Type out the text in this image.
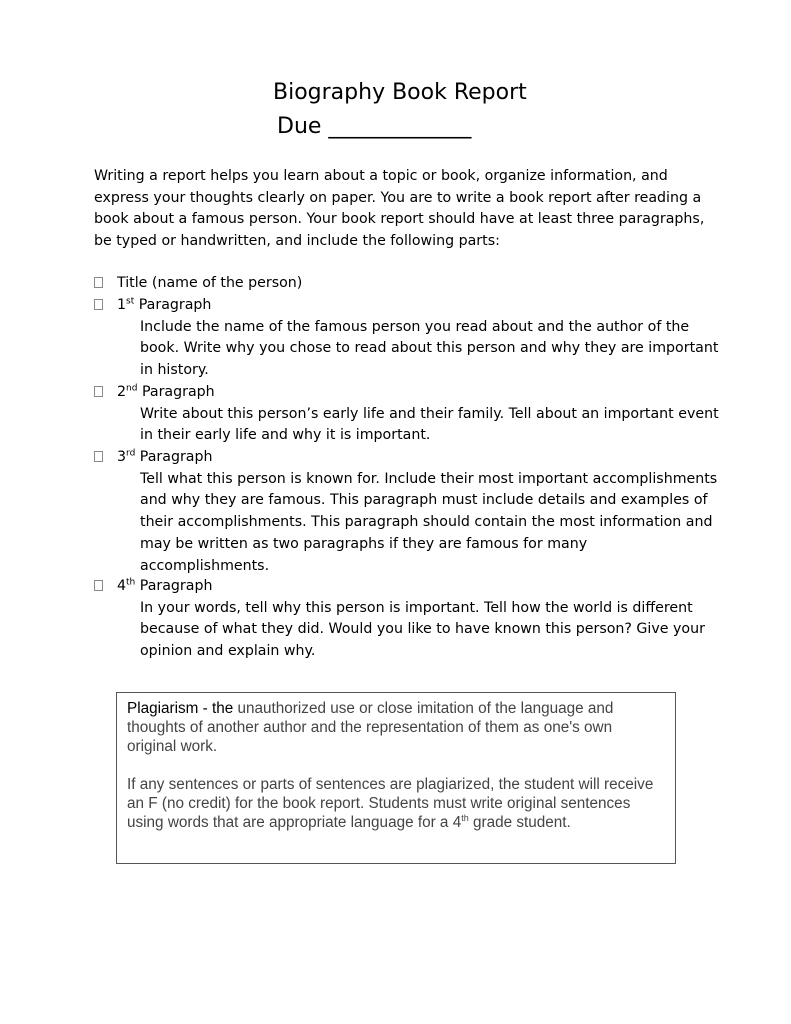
Biography Book Report
Due _____________
Writing a report helps you learn about a topic or book, organize information, and express your thoughts clearly on paper. You are to write a book report after reading a book about a famous person. Your book report should have at least three paragraphs, be typed or handwritten, and include the following parts:
Title (name of the person)
1st Paragraph
Include the name of the famous person you read about and the author of the book. Write why you chose to read about this person and why they are important in history.
2nd Paragraph
Write about this person’s early life and their family. Tell about an important event in their early life and why it is important.
3rd Paragraph
Tell what this person is known for. Include their most important accomplishments and why they are famous. This paragraph must include details and examples of their accomplishments. This paragraph should contain the most information and may be written as two paragraphs if they are famous for many accomplishments.
4th Paragraph
In your words, tell why this person is important. Tell how the world is different because of what they did. Would you like to have known this person? Give your opinion and explain why.

Plagiarism - the unauthorized use or close imitation of the language and thoughts of another author and the representation of them as one's own original work.

If any sentences or parts of sentences are plagiarized, the student will receive an F (no credit) for the book report. Students must write original sentences using words that are appropriate language for a 4th grade student.
